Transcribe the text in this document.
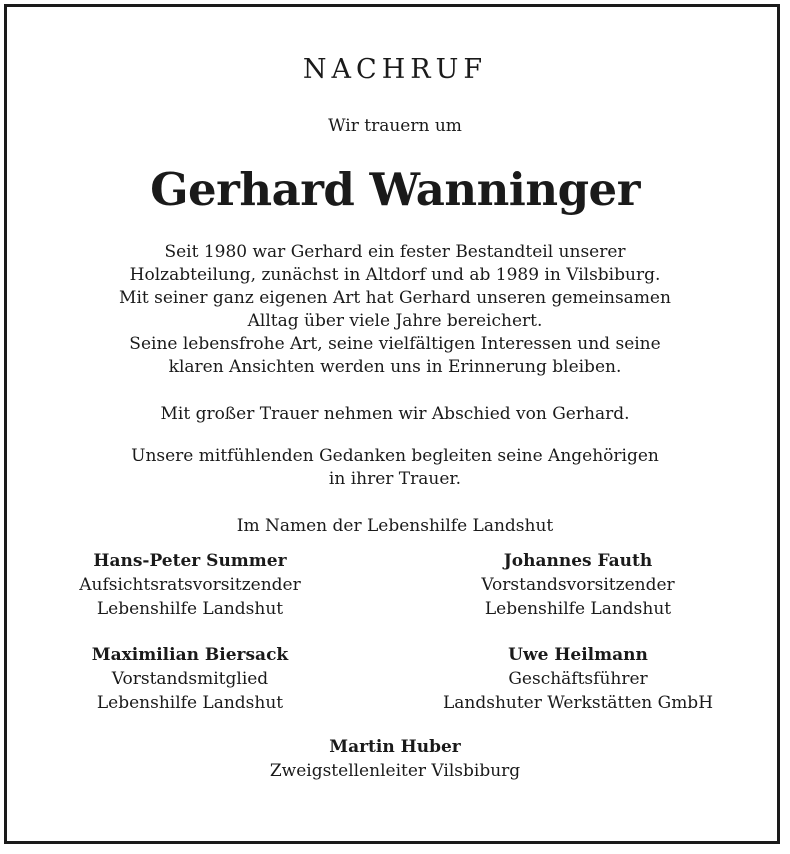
NACHRUF
Wir trauern um
Gerhard Wanninger
Seit 1980 war Gerhard ein fester Bestandteil unserer
Holzabteilung, zunächst in Altdorf und ab 1989 in Vilsbiburg.
Mit seiner ganz eigenen Art hat Gerhard unseren gemeinsamen
Alltag über viele Jahre bereichert.
Seine lebensfrohe Art, seine vielfältigen Interessen und seine
klaren Ansichten werden uns in Erinnerung bleiben.
Mit großer Trauer nehmen wir Abschied von Gerhard.
Unsere mitfühlenden Gedanken begleiten seine Angehörigen
in ihrer Trauer.
Im Namen der Lebenshilfe Landshut
Hans-Peter Summer
Aufsichtsratsvorsitzender
Lebenshilfe Landshut
Johannes Fauth
Vorstandsvorsitzender
Lebenshilfe Landshut
Maximilian Biersack
Vorstandsmitglied
Lebenshilfe Landshut
Uwe Heilmann
Geschäftsführer
Landshuter Werkstätten GmbH
Martin Huber
Zweigstellenleiter Vilsbiburg
